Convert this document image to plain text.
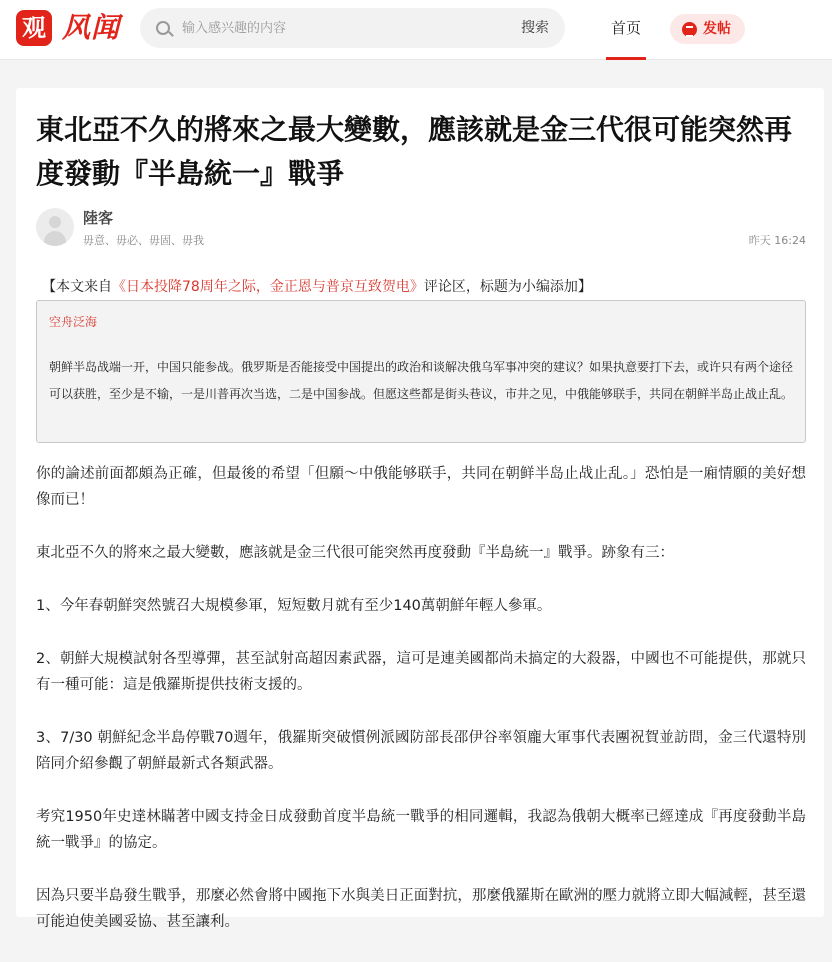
观 风闻
输入感兴趣的内容	搜索	首页	发帖
東北亞不久的將來之最大變數，應該就是金三代很可能突然再度發動『半島統一』戰爭
陸客
毋意、毋必、毋固、毋我	昨天 16:24
【本文来自《日本投降78周年之际，金正恩与普京互致贺电》评论区，标题为小编添加】
空舟泛海
朝鲜半岛战端一开，中国只能参战。俄罗斯是否能接受中国提出的政治和谈解决俄乌军事冲突的建议？如果执意要打下去，或许只有两个途径可以获胜，至少是不输，一是川普再次当选，二是中国参战。但愿这些都是街头巷议，市井之见，中俄能够联手，共同在朝鲜半岛止战止乱。

你的論述前面都頗為正確，但最後的希望「但願～中俄能够联手，共同在朝鲜半岛止战止乱。」恐怕是一廂情願的美好想像而已！

東北亞不久的將來之最大變數，應該就是金三代很可能突然再度發動『半島統一』戰爭。跡象有三：

1、今年春朝鮮突然號召大規模參軍，短短數月就有至少140萬朝鮮年輕人參軍。

2、朝鮮大規模試射各型導彈，甚至試射高超因素武器，這可是連美國都尚未搞定的大殺器，中國也不可能提供，那就只有一種可能：這是俄羅斯提供技術支援的。

3、7/30 朝鮮紀念半島停戰70週年，俄羅斯突破慣例派國防部長邵伊谷率領龐大軍事代表團祝賀並訪問，金三代還特別陪同介紹參觀了朝鮮最新式各類武器。

考究1950年史達林瞞著中國支持金日成發動首度半島統一戰爭的相同邏輯，我認為俄朝大概率已經達成『再度發動半島統一戰爭』的協定。

因為只要半島發生戰爭，那麼必然會將中國拖下水與美日正面對抗，那麼俄羅斯在歐洲的壓力就將立即大幅減輕，甚至還可能迫使美國妥協、甚至讓利。
